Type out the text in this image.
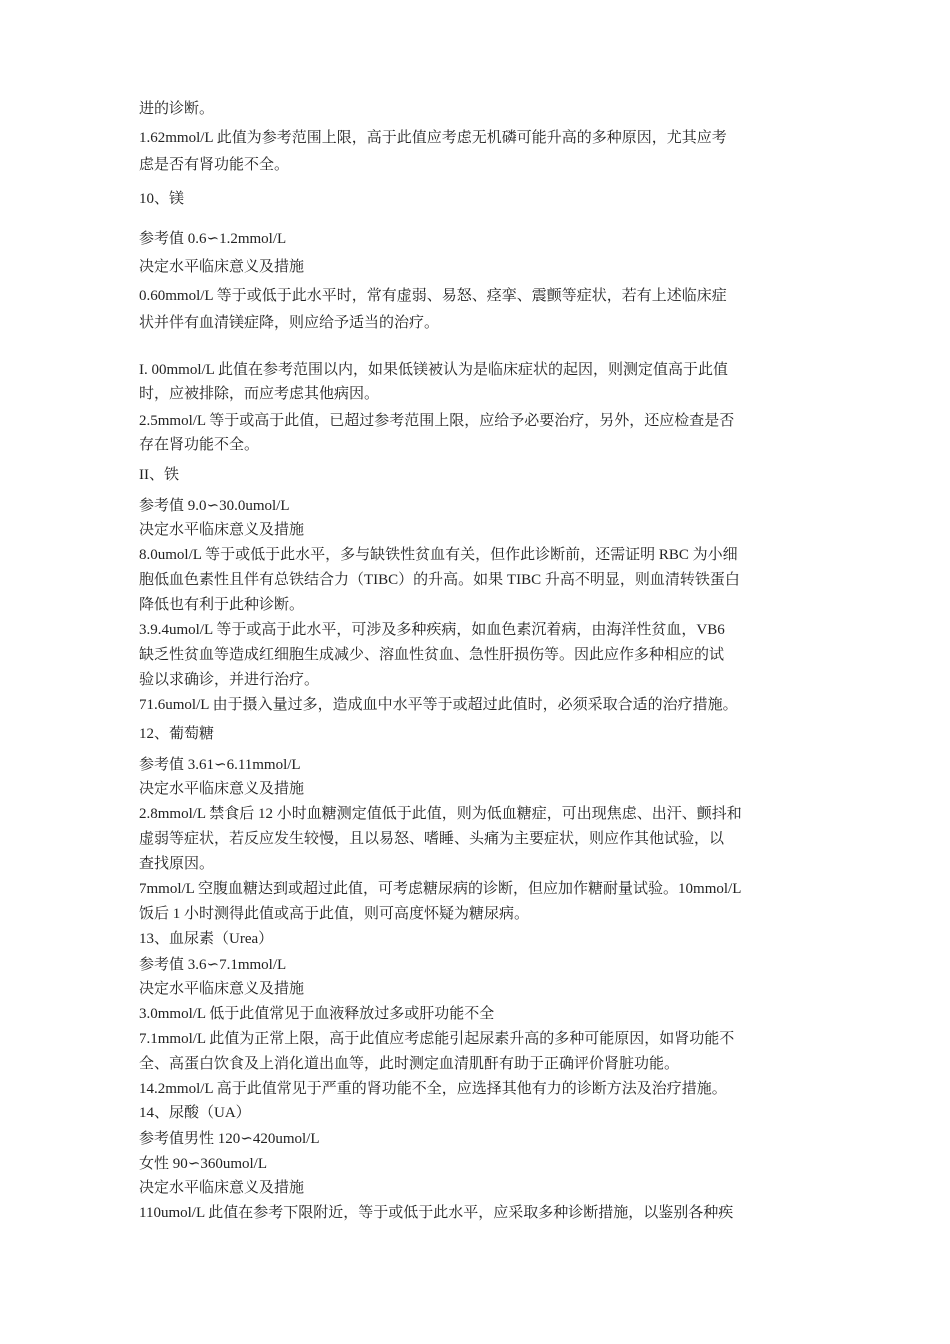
进的诊断。

1.62mmol/L 此值为参考范围上限，高于此值应考虑无机磷可能升高的多种原因，尤其应考

虑是否有肾功能不全。

10、镁

参考值 0.6∽1.2mmol/L

决定水平临床意义及措施

0.60mmol/L 等于或低于此水平时，常有虚弱、易怒、痉挛、震颤等症状，若有上述临床症

状并伴有血清镁症降，则应给予适当的治疗。

I. 00mmol/L 此值在参考范围以内，如果低镁被认为是临床症状的起因，则测定值高于此值

时，应被排除，而应考虑其他病因。

2.5mmol/L 等于或高于此值，已超过参考范围上限，应给予必要治疗，另外，还应检查是否

存在肾功能不全。

II、铁

参考值 9.0∽30.0umol/L

决定水平临床意义及措施

8.0umol/L 等于或低于此水平，多与缺铁性贫血有关，但作此诊断前，还需证明 RBC 为小细

胞低血色素性且伴有总铁结合力（TIBC）的升高。如果 TIBC 升高不明显，则血清转铁蛋白

降低也有利于此种诊断。

3.9.4umol/L 等于或高于此水平，可涉及多种疾病，如血色素沉着病，由海洋性贫血，VB6

缺乏性贫血等造成红细胞生成减少、溶血性贫血、急性肝损伤等。因此应作多种相应的试

验以求确诊，并进行治疗。

71.6umol/L 由于摄入量过多，造成血中水平等于或超过此值时，必须采取合适的治疗措施。

12、葡萄糖

参考值 3.61∽6.11mmol/L

决定水平临床意义及措施

2.8mmol/L 禁食后 12 小时血糖测定值低于此值，则为低血糖症，可出现焦虑、出汗、颤抖和

虚弱等症状，若反应发生较慢，且以易怒、嗜睡、头痛为主要症状，则应作其他试验，以

查找原因。

7mmol/L 空腹血糖达到或超过此值，可考虑糖尿病的诊断，但应加作糖耐量试验。10mmol/L

饭后 1 小时测得此值或高于此值，则可高度怀疑为糖尿病。

13、血尿素（Urea）

参考值 3.6∽7.1mmol/L

决定水平临床意义及措施

3.0mmol/L 低于此值常见于血液释放过多或肝功能不全

7.1mmol/L 此值为正常上限，高于此值应考虑能引起尿素升高的多种可能原因，如肾功能不

全、高蛋白饮食及上消化道出血等，此时测定血清肌酐有助于正确评价肾脏功能。

14.2mmol/L 高于此值常见于严重的肾功能不全，应选择其他有力的诊断方法及治疗措施。

14、尿酸（UA）

参考值男性 120∽420umol/L

女性 90∽360umol/L

决定水平临床意义及措施

110umol/L 此值在参考下限附近，等于或低于此水平，应采取多种诊断措施，以鉴别各种疾
